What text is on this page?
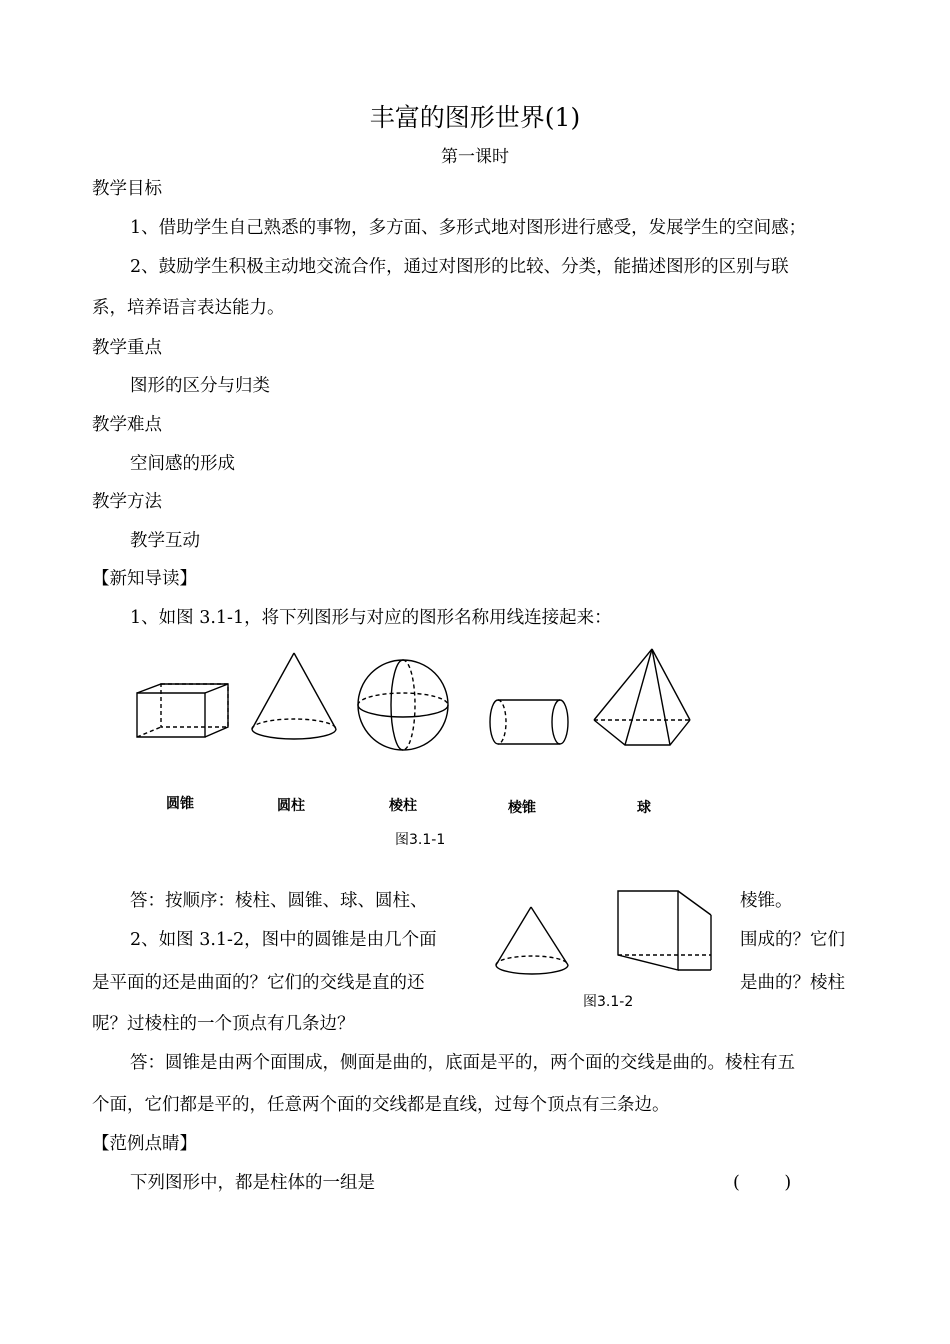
丰富的图形世界(1)
第一课时
教学目标
1、借助学生自己熟悉的事物，多方面、多形式地对图形进行感受，发展学生的空间感；
2、鼓励学生积极主动地交流合作，通过对图形的比较、分类，能描述图形的区别与联
系，培养语言表达能力。
教学重点
图形的区分与归类
教学难点
空间感的形成
教学方法
教学互动
【新知导读】
1、如图 3.1-1，将下列图形与对应的图形名称用线连接起来：
圆锥	圆柱	棱柱	棱锥	球
图3.1-1
答：按顺序：棱柱、圆锥、球、圆柱、	棱锥。
2、如图 3.1-2，图中的圆锥是由几个面	围成的？它们
是平面的还是曲面的？它们的交线是直的还	是曲的？棱柱
呢？过棱柱的一个顶点有几条边？
图3.1-2
答：圆锥是由两个面围成，侧面是曲的，底面是平的，两个面的交线是曲的。棱柱有五
个面，它们都是平的，任意两个面的交线都是直线，过每个顶点有三条边。
【范例点睛】
下列图形中，都是柱体的一组是	(        )
